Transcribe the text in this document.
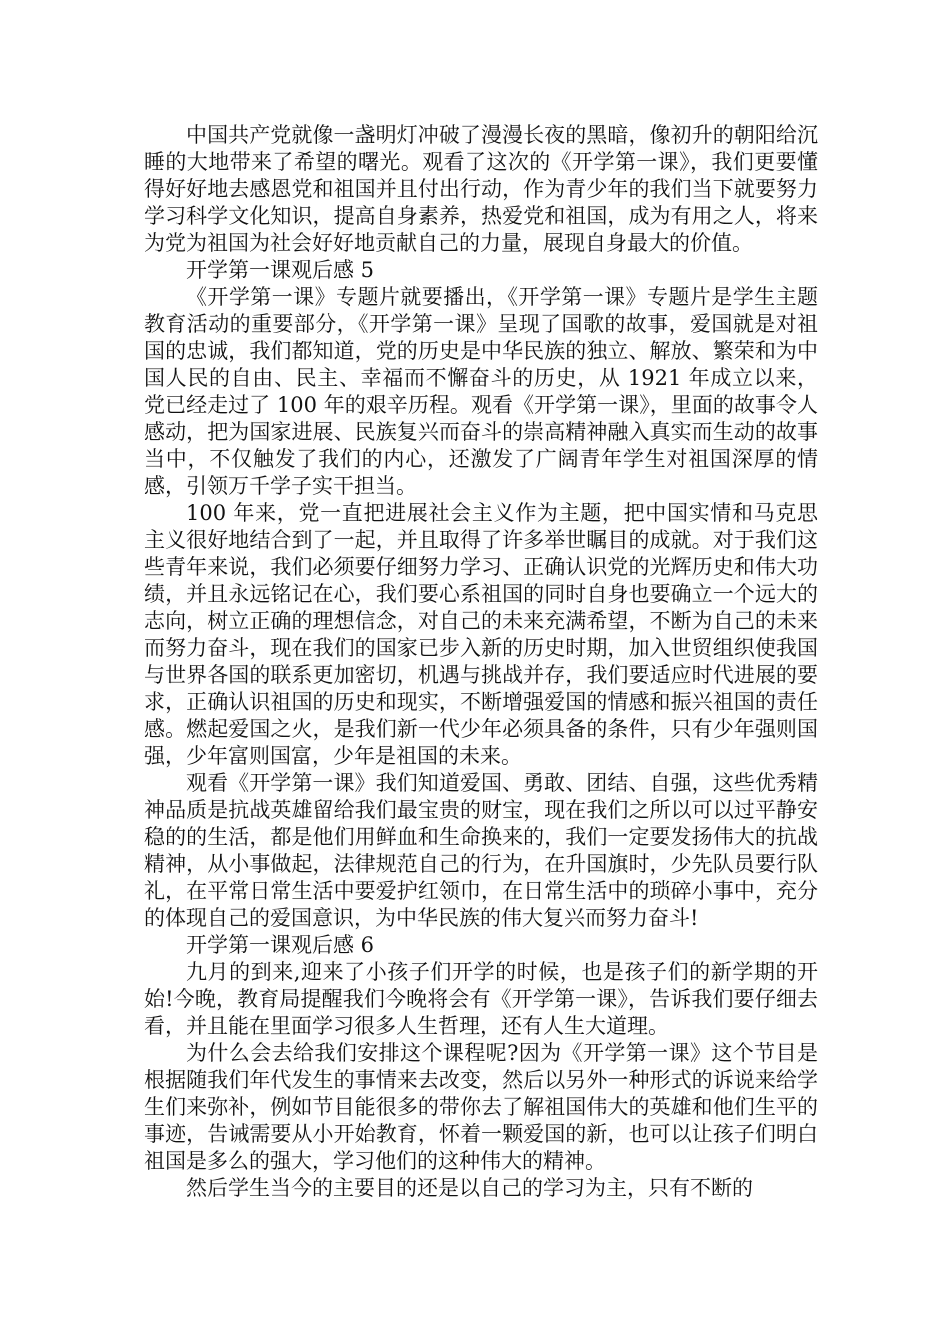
中国共产党就像一盏明灯冲破了漫漫长夜的黑暗，像初升的朝阳给沉睡的大地带来了希望的曙光。观看了这次的《开学第一课》，我们更要懂得好好地去感恩党和祖国并且付出行动，作为青少年的我们当下就要努力学习科学文化知识，提高自身素养，热爱党和祖国，成为有用之人，将来为党为祖国为社会好好地贡献自己的力量，展现自身最大的价值。

开学第一课观后感 5

《开学第一课》专题片就要播出，《开学第一课》专题片是学生主题教育活动的重要部分，《开学第一课》呈现了国歌的故事，爱国就是对祖国的忠诚，我们都知道，党的历史是中华民族的独立、解放、繁荣和为中国人民的自由、民主、幸福而不懈奋斗的历史，从 1921 年成立以来，党已经走过了 100 年的艰辛历程。观看《开学第一课》，里面的故事令人感动，把为国家进展、民族复兴而奋斗的崇高精神融入真实而生动的故事当中，不仅触发了我们的内心，还激发了广阔青年学生对祖国深厚的情感，引领万千学子实干担当。

100 年来，党一直把进展社会主义作为主题，把中国实情和马克思主义很好地结合到了一起，并且取得了许多举世瞩目的成就。对于我们这些青年来说，我们必须要仔细努力学习、正确认识党的光辉历史和伟大功绩，并且永远铭记在心，我们要心系祖国的同时自身也要确立一个远大的志向，树立正确的理想信念，对自己的未来充满希望，不断为自己的未来而努力奋斗，现在我们的国家已步入新的历史时期，加入世贸组织使我国与世界各国的联系更加密切，机遇与挑战并存，我们要适应时代进展的要求，正确认识祖国的历史和现实，不断增强爱国的情感和振兴祖国的责任感。燃起爱国之火，是我们新一代少年必须具备的条件，只有少年强则国强，少年富则国富，少年是祖国的未来。

观看《开学第一课》我们知道爱国、勇敢、团结、自强，这些优秀精神品质是抗战英雄留给我们最宝贵的财宝，现在我们之所以可以过平静安稳的的生活，都是他们用鲜血和生命换来的，我们一定要发扬伟大的抗战精神，从小事做起，法律规范自己的行为，在升国旗时，少先队员要行队礼，在平常日常生活中要爱护红领巾，在日常生活中的琐碎小事中，充分的体现自己的爱国意识，为中华民族的伟大复兴而努力奋斗!

开学第一课观后感 6

九月的到来,迎来了小孩子们开学的时候，也是孩子们的新学期的开始!今晚，教育局提醒我们今晚将会有《开学第一课》，告诉我们要仔细去看，并且能在里面学习很多人生哲理，还有人生大道理。

为什么会去给我们安排这个课程呢?因为《开学第一课》这个节目是根据随我们年代发生的事情来去改变，然后以另外一种形式的诉说来给学生们来弥补，例如节目能很多的带你去了解祖国伟大的英雄和他们生平的事迹，告诫需要从小开始教育，怀着一颗爱国的新，也可以让孩子们明白祖国是多么的强大，学习他们的这种伟大的精神。

然后学生当今的主要目的还是以自己的学习为主，只有不断的
